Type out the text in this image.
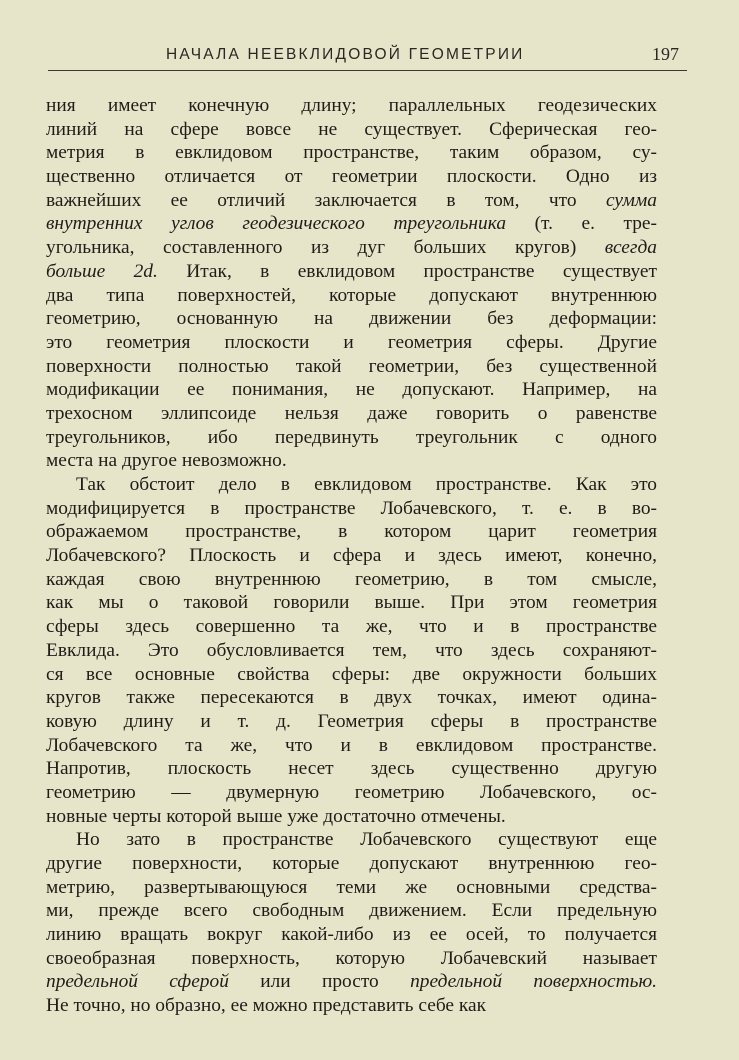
НАЧАЛА НЕЕВКЛИДОВОЙ ГЕОМЕТРИИ	197
ния имеет конечную длину; параллельных геодезических
линий на сфере вовсе не существует. Сферическая гео-
метрия в евклидовом пространстве, таким образом, су-
щественно отличается от геометрии плоскости. Одно из
важнейших ее отличий заключается в том, что сумма
внутренних углов геодезического треугольника (т. е. тре-
угольника, составленного из дуг больших кругов) всегда
больше 2d. Итак, в евклидовом пространстве существует
два типа поверхностей, которые допускают внутреннюю
геометрию, основанную на движении без деформации:
это геометрия плоскости и геометрия сферы. Другие
поверхности полностью такой геометрии, без существенной
модификации ее понимания, не допускают. Например, на
трехосном эллипсоиде нельзя даже говорить о равенстве
треугольников, ибо передвинуть треугольник с одного
места на другое невозможно.
Так обстоит дело в евклидовом пространстве. Как это
модифицируется в пространстве Лобачевского, т. е. в во-
ображаемом пространстве, в котором царит геометрия
Лобачевского? Плоскость и сфера и здесь имеют, конечно,
каждая свою внутреннюю геометрию, в том смысле,
как мы о таковой говорили выше. При этом геометрия
сферы здесь совершенно та же, что и в пространстве
Евклида. Это обусловливается тем, что здесь сохраняют-
ся все основные свойства сферы: две окружности больших
кругов также пересекаются в двух точках, имеют одина-
ковую длину и т. д. Геометрия сферы в пространстве
Лобачевского та же, что и в евклидовом пространстве.
Напротив, плоскость несет здесь существенно другую
геометрию — двумерную геометрию Лобачевского, ос-
новные черты которой выше уже достаточно отмечены.
Но зато в пространстве Лобачевского существуют еще
другие поверхности, которые допускают внутреннюю гео-
метрию, развертывающуюся теми же основными средства-
ми, прежде всего свободным движением. Если предельную
линию вращать вокруг какой-либо из ее осей, то получается
своеобразная поверхность, которую Лобачевский называет
предельной сферой или просто предельной поверхностью.
Не точно, но образно, ее можно представить себе как
